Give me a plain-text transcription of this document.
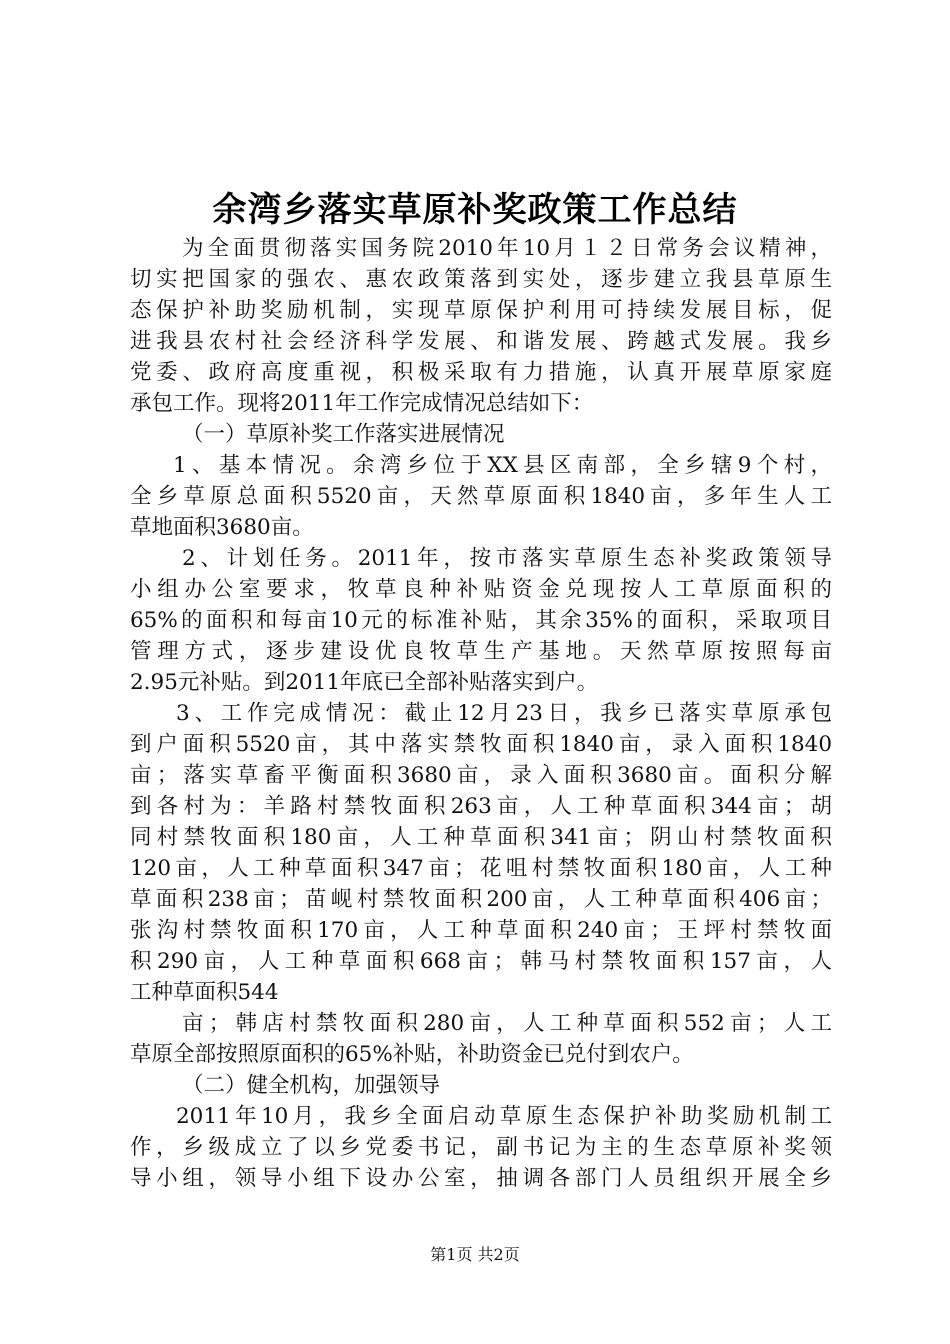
余湾乡落实草原补奖政策工作总结
为全面贯彻落实国务院2010年10月１２日常务会议精神，
切实把国家的强农、惠农政策落到实处，逐步建立我县草原生
态保护补助奖励机制，实现草原保护利用可持续发展目标，促
进我县农村社会经济科学发展、和谐发展、跨越式发展。我乡
党委、政府高度重视，积极采取有力措施，认真开展草原家庭
承包工作。现将2011年工作完成情况总结如下：
（一）草原补奖工作落实进展情况
1、基本情况。余湾乡位于XX县区南部，全乡辖9个村，
全乡草原总面积5520亩，天然草原面积1840亩，多年生人工
草地面积3680亩。
2、计划任务。2011年，按市落实草原生态补奖政策领导
小组办公室要求，牧草良种补贴资金兑现按人工草原面积的
65%的面积和每亩10元的标准补贴，其余35%的面积，采取项目
管理方式，逐步建设优良牧草生产基地。天然草原按照每亩
2.95元补贴。到2011年底已全部补贴落实到户。
3、工作完成情况：截止12月23日，我乡已落实草原承包
到户面积5520亩，其中落实禁牧面积1840亩，录入面积1840
亩；落实草畜平衡面积3680亩，录入面积3680亩。面积分解
到各村为：羊路村禁牧面积263亩，人工种草面积344亩；胡
同村禁牧面积180亩，人工种草面积341亩；阴山村禁牧面积
120亩，人工种草面积347亩；花咀村禁牧面积180亩，人工种
草面积238亩；苗岘村禁牧面积200亩，人工种草面积406亩；
张沟村禁牧面积170亩，人工种草面积240亩；王坪村禁牧面
积290亩，人工种草面积668亩；韩马村禁牧面积157亩，人
工种草面积544
亩；韩店村禁牧面积280亩，人工种草面积552亩；人工
草原全部按照原面积的65%补贴，补助资金已兑付到农户。
（二）健全机构，加强领导
2011年10月，我乡全面启动草原生态保护补助奖励机制工
作，乡级成立了以乡党委书记，副书记为主的生态草原补奖领
导小组，领导小组下设办公室，抽调各部门人员组织开展全乡
第1页 共2页
